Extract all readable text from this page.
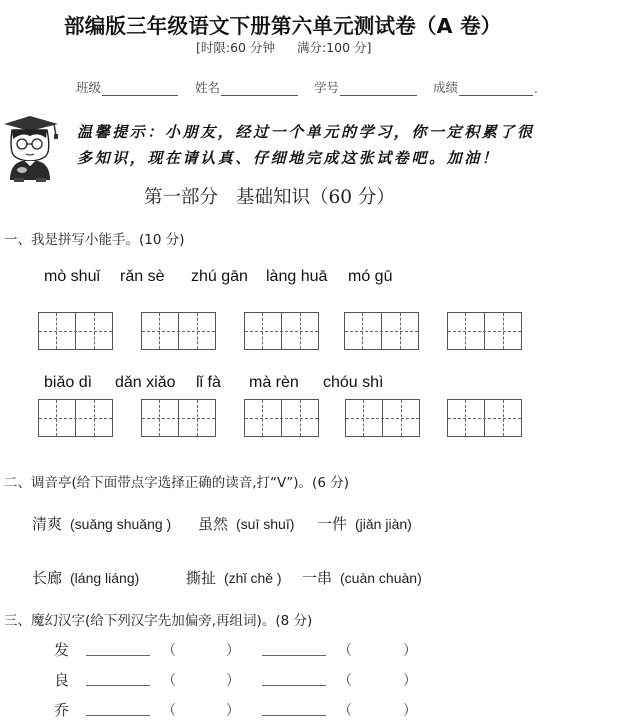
部编版三年级语文下册第六单元测试卷（A 卷）
[时限:60 分钟 满分:100 分]
班级	姓名	学号	成绩	.
温馨提示：小朋友，经过一个单元的学习，你一定积累了很
多知识，现在请认真、仔细地完成这张试卷吧。加油！
第一部分 基础知识（60 分）
一、我是拼写小能手。(10 分)
mò shuǐ rǎn sè zhú gān làng huā mó gū
biǎo dì dǎn xiǎo lǐ fà mà rèn chóu shì
二、调音亭(给下面带点字选择正确的读音,打“V”)。(6 分)
清爽 (suǎng shuǎng ) 虽然 (suī shuī) 一件 (jiǎn jiàn)
长廊 (láng liáng)	撕扯 (zhǐ chě ) 一串 (cuàn chuàn)
三、魔幻汉字(给下列汉字先加偏旁,再组词)。(8 分)
发	（	）	（	）
良	（	）	（	）
乔	（	）	（	）
